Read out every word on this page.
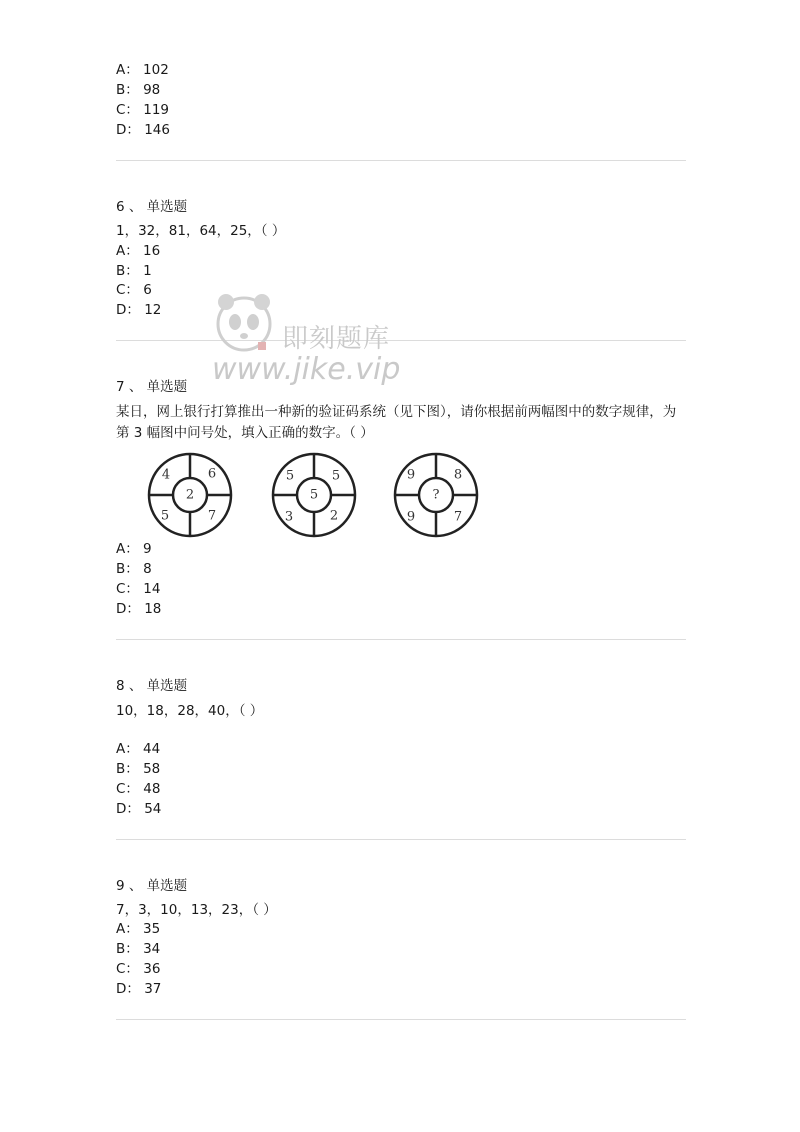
A： 102
B： 98
C： 119
D： 146
6 、 单选题
1，32，81，64，25，（ ）
A： 16
B： 1
C： 6
D： 12
7 、 单选题
某日，网上银行打算推出一种新的验证码系统（见下图），请你根据前两幅图中的数字规律，为第 3 幅图中问号处，填入正确的数字。（ ）
4	6
2
5	7
5	5
5
3	2
9	8
?
9	7
A： 9
B： 8
C： 14
D： 18
8 、 单选题
10，18，28，40，（ ）
A： 44
B： 58
C： 48
D： 54
9 、 单选题
7，3，10，13，23，（ ）
A： 35
B： 34
C： 36
D： 37
即刻题库
www.jike.vip
